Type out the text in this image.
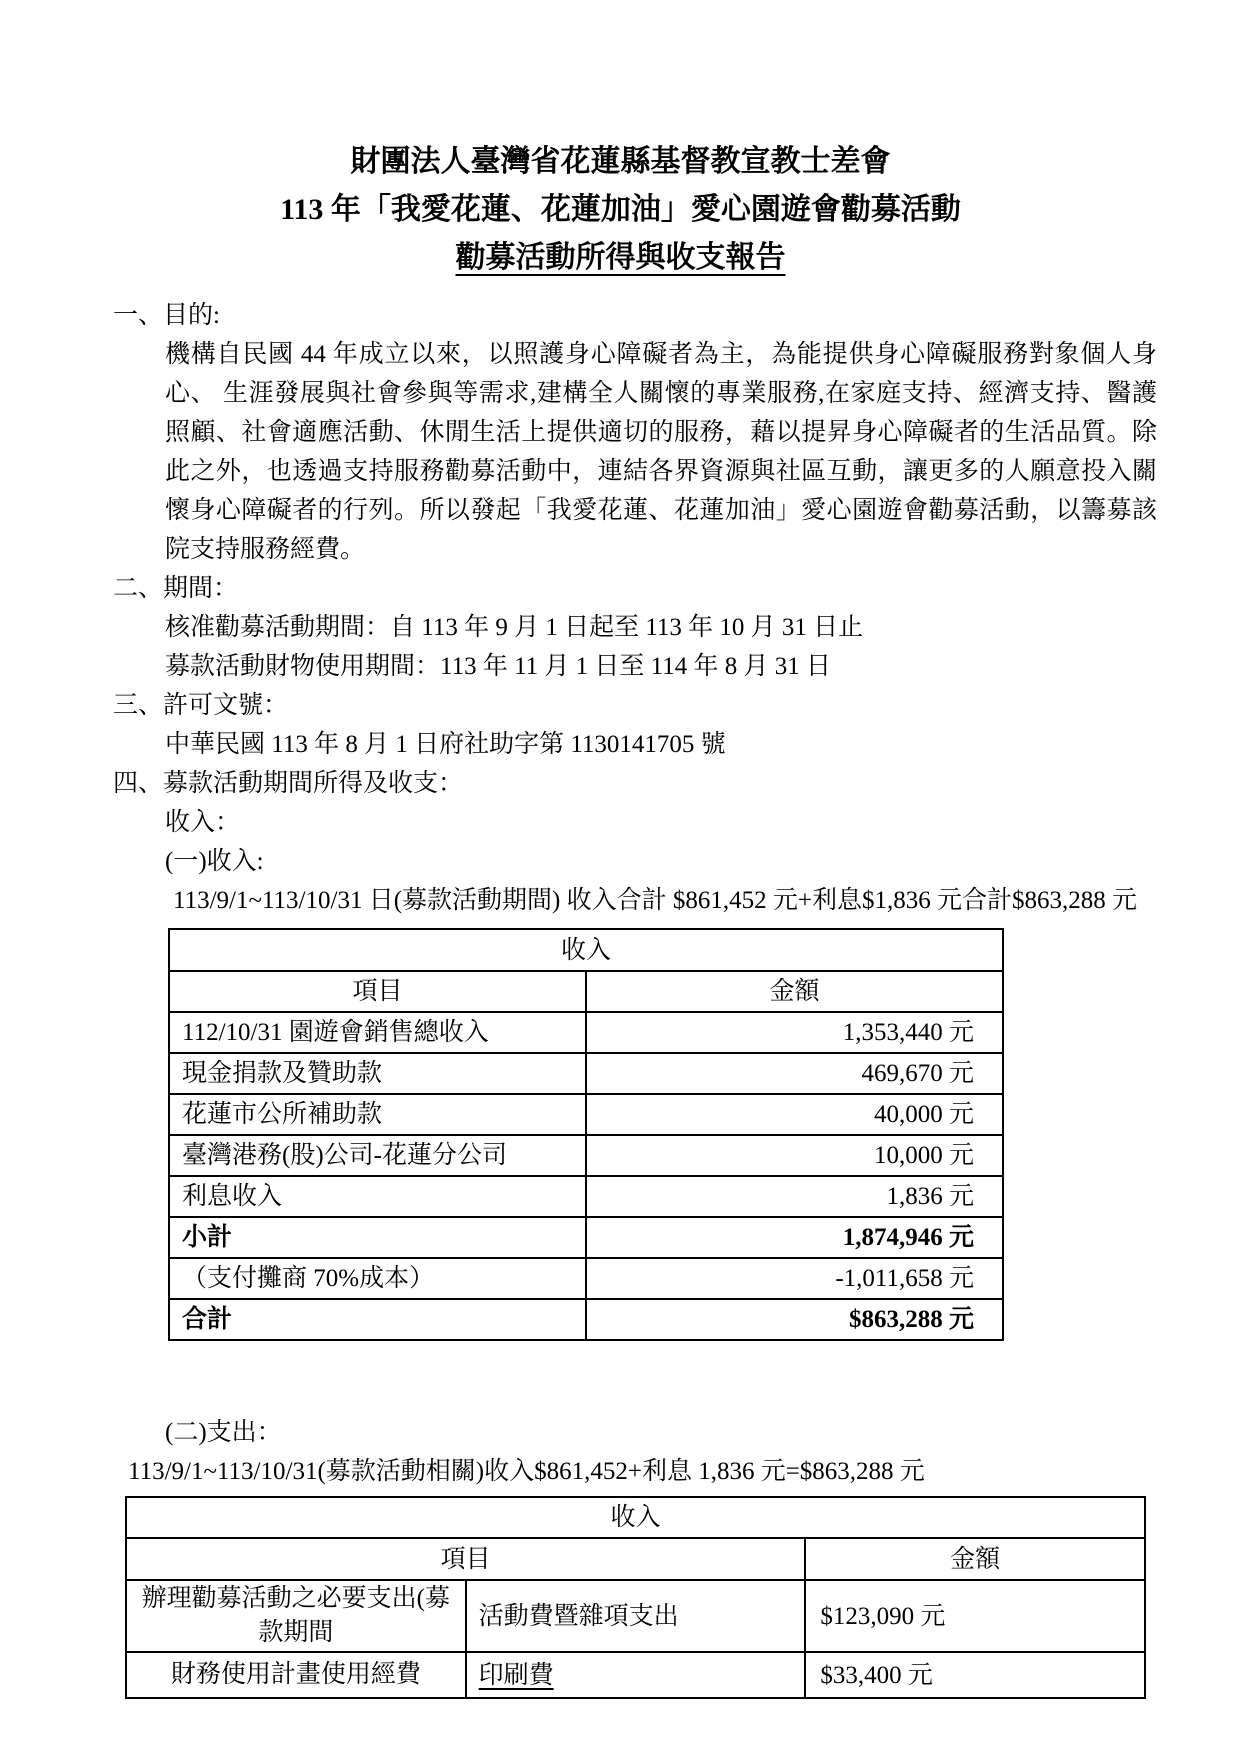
財團法人臺灣省花蓮縣基督教宣教士差會
113 年「我愛花蓮、花蓮加油」愛心園遊會勸募活動
勸募活動所得與收支報告
一、目的:
機構自民國 44 年成立以來，以照護身心障礙者為主，為能提供身心障礙服務對象個人身心、 生涯發展與社會參與等需求,建構全人關懷的專業服務,在家庭支持、經濟支持、醫護照顧、社會適應活動、休閒生活上提供適切的服務，藉以提昇身心障礙者的生活品質。除此之外，也透過支持服務勸募活動中，連結各界資源與社區互動，讓更多的人願意投入關懷身心障礙者的行列。所以發起「我愛花蓮、花蓮加油」愛心園遊會勸募活動，以籌募該院支持服務經費。
二、期間：
核准勸募活動期間：自 113 年 9 月 1 日起至 113 年 10 月 31 日止
募款活動財物使用期間：113 年 11 月 1 日至 114 年 8 月 31 日
三、許可文號：
中華民國 113 年 8 月 1 日府社助字第 1130141705 號
四、募款活動期間所得及收支：
收入：
(一)收入:
113/9/1~113/10/31 日(募款活動期間) 收入合計 $861,452 元+利息$1,836 元合計$863,288 元
收入	
項目	金額
112/10/31 園遊會銷售總收入	1,353,440 元
現金捐款及贊助款	469,670 元
花蓮市公所補助款	40,000 元
臺灣港務(股)公司-花蓮分公司	10,000 元
利息收入	1,836 元
小計	1,874,946 元
（支付攤商 70%成本）	-1,011,658 元
合計	$863,288 元
(二)支出：
113/9/1~113/10/31(募款活動相關)收入$861,452+利息 1,836 元=$863,288 元
收入		
項目		金額
辦理勸募活動之必要支出(募款期間	活動費暨雜項支出	$123,090 元
財務使用計畫使用經費	印刷費	$33,400 元
